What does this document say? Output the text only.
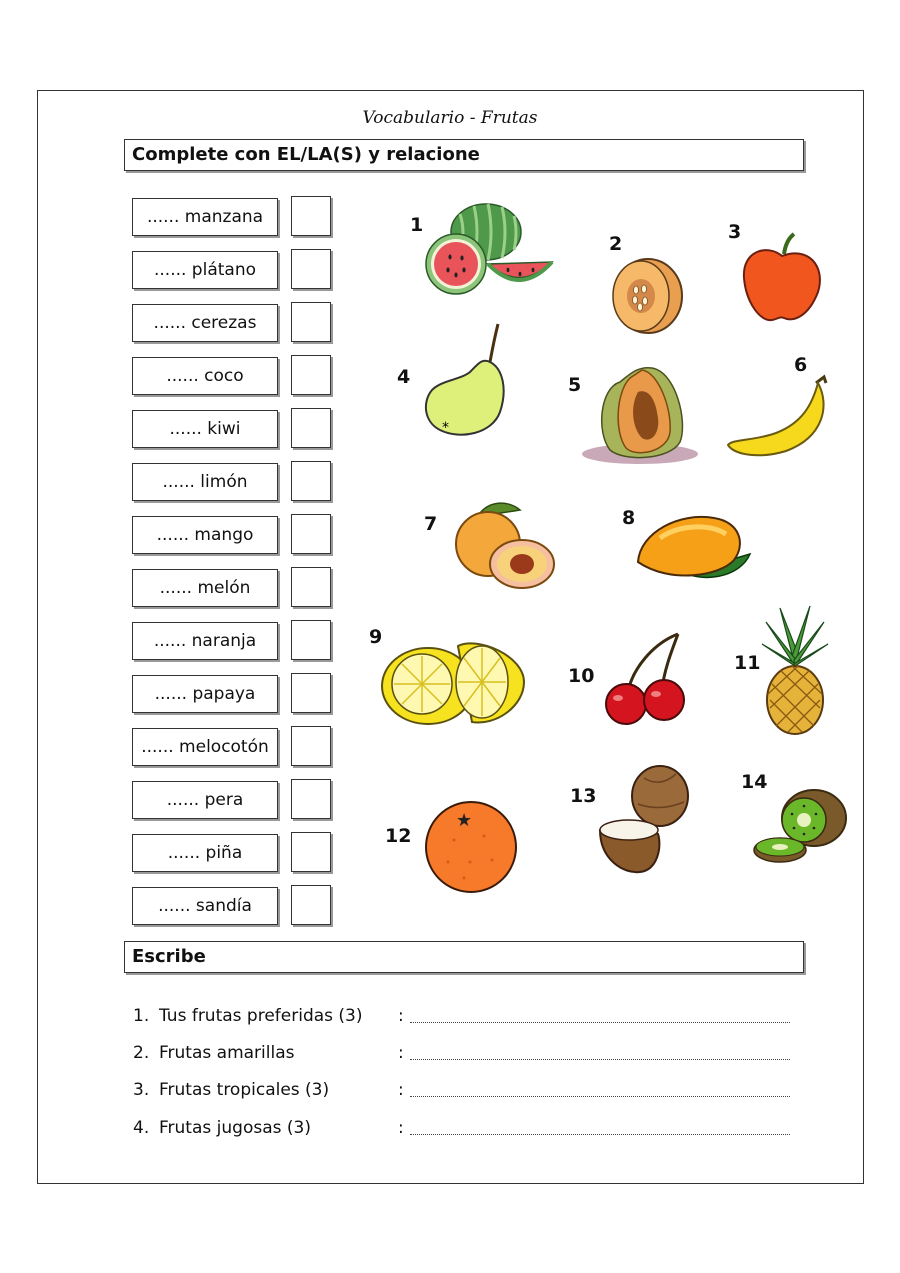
Vocabulario - Frutas
Complete con EL/LA(S) y relacione
...... manzana
...... plátano
...... cerezas
...... coco
...... kiwi
...... limón
...... mango
...... melón
...... naranja
...... papaya
...... melocotón
...... pera
...... piña
...... sandía
1
2
3
4	5
6
7	8
9
10
11
12
13
14
*
★
Escribe
1. Tus frutas preferidas (3) :
2. Frutas amarillas	:
3. Frutas tropicales (3)	:
4. Frutas jugosas (3)	:
